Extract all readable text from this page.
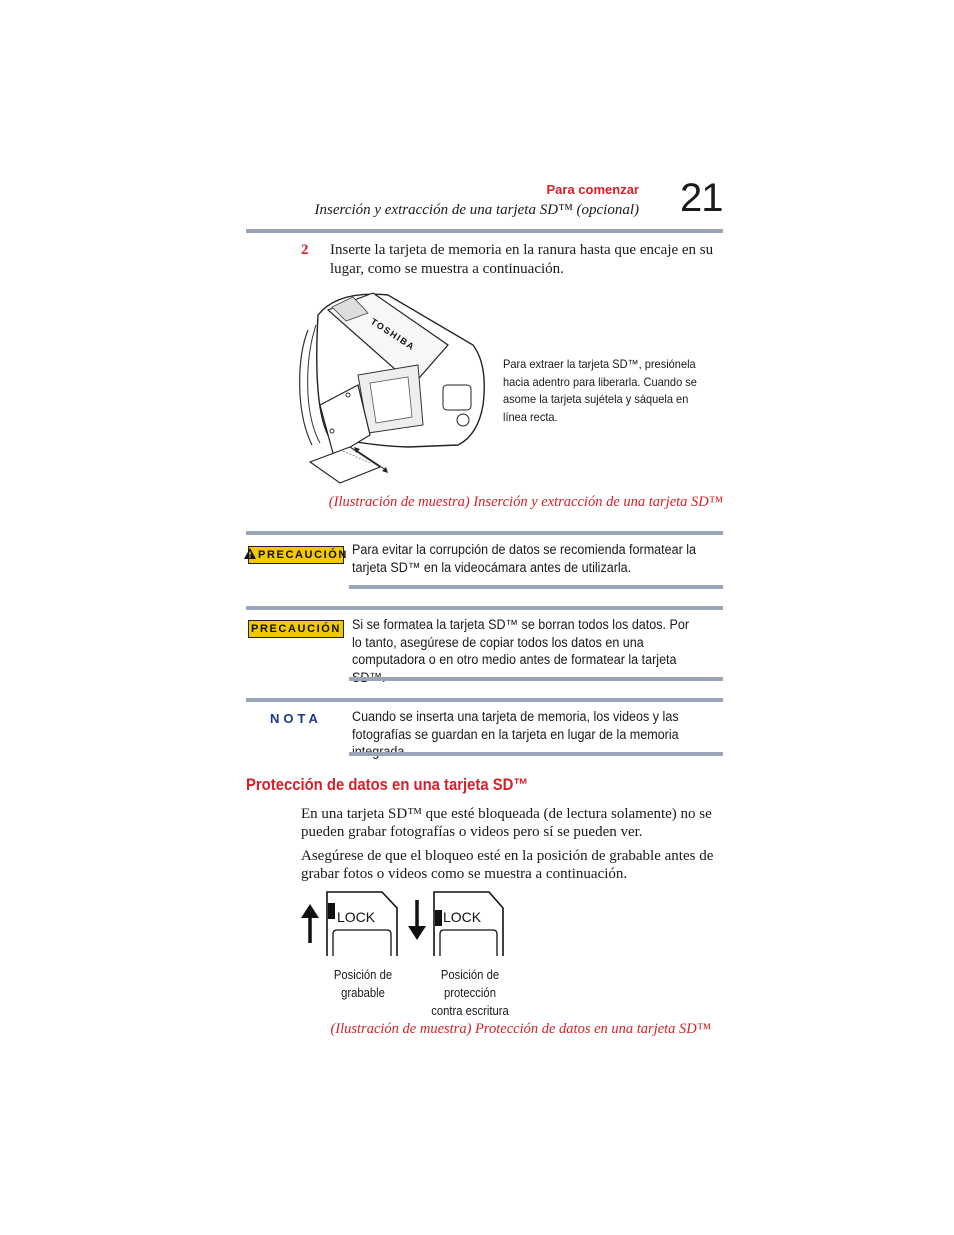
Para comenzar
Inserción y extracción de una tarjeta SD™ (opcional) 21
2 Inserte la tarjeta de memoria en la ranura hasta que encaje en su lugar, como se muestra a continuación.
TOSHIBA
Para extraer la tarjeta SD™, presiónela hacia adentro para liberarla. Cuando se asome la tarjeta sujétela y sáquela en línea recta.
(Ilustración de muestra) Inserción y extracción de una tarjeta SD™
PRECAUCIÓN Para evitar la corrupción de datos se recomienda formatear la tarjeta SD™ en la videocámara antes de utilizarla.
PRECAUCIÓN Si se formatea la tarjeta SD™ se borran todos los datos. Por lo tanto, asegúrese de copiar todos los datos en una computadora o en otro medio antes de formatear la tarjeta
NOTA Cuando se inserta una tarjeta de memoria, los videos y las fotografías se guardan en la tarjeta en lugar de la memoria
Protección de datos en una tarjeta SD™
En una tarjeta SD™ que esté bloqueada (de lectura solamente) no se pueden grabar fotografías o videos pero sí se pueden ver.
Asegúrese de que el bloqueo esté en la posición de grabable antes de grabar fotos o videos como se muestra a continuación.
LOCK	LOCK
Posición de grabable
Posición de protección contra escritura
(Ilustración de muestra) Protección de datos en una tarjeta SD™
